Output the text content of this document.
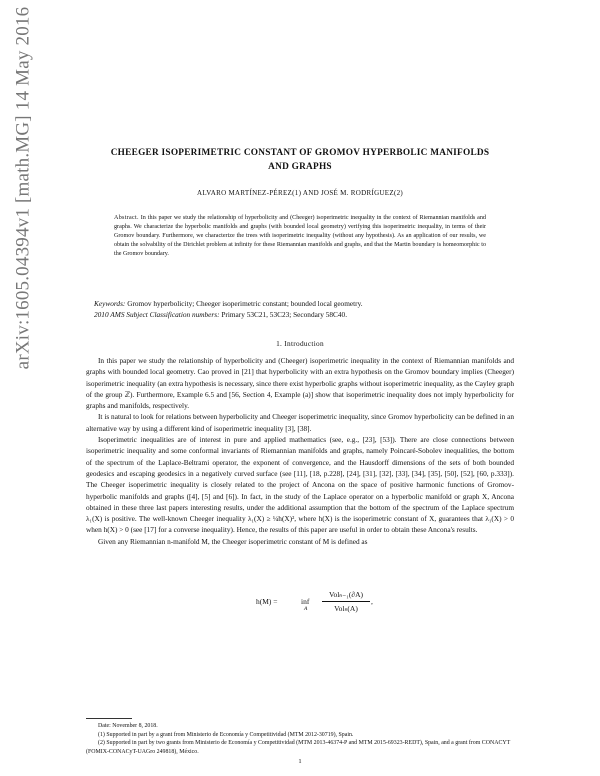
arXiv:1605.04394v1 [math.MG] 14 May 2016	CHEEGER ISOPERIMETRIC CONSTANT OF GROMOV HYPERBOLIC MANIFOLDS
AND GRAPHS
ALVARO MARTÍNEZ-PÉREZ(1) AND JOSÉ M. RODRÍGUEZ(2)
Abstract. In this paper we study the relationship of hyperbolicity and (Cheeger) isoperimetric inequality in the context of Riemannian manifolds and graphs. We characterize the hyperbolic manifolds and graphs (with bounded local geometry) verifying this isoperimetric inequality, in terms of their Gromov boundary. Furthermore, we characterize the trees with isoperimetric inequality (without any hypothesis). As an application of our results, we obtain the solvability of the Dirichlet problem at infinity for these Riemannian manifolds and graphs, and that the Martin boundary is homeomorphic to the Gromov boundary.
Keywords: Gromov hyperbolicity; Cheeger isoperimetric constant; bounded local geometry.
2010 AMS Subject Classification numbers: Primary 53C21, 53C23; Secondary 58C40.
1. Introduction

In this paper we study the relationship of hyperbolicity and (Cheeger) isoperimetric inequality in the context of Riemannian manifolds and graphs with bounded local geometry. Cao proved in [21] that hyperbolicity with an extra hypothesis on the Gromov boundary implies (Cheeger) isoperimetric inequality (an extra hypothesis is necessary, since there exist hyperbolic graphs without isoperimetric inequality, as the Cayley graph of the group ℤ). Furthermore, Example 6.5 and [56, Section 4, Example (a)] show that isoperimetric inequality does not imply hyperbolicity for graphs and manifolds, respectively.

It is natural to look for relations between hyperbolicity and Cheeger isoperimetric inequality, since Gromov hyperbolicity can be defined in an alternative way by using a different kind of isoperimetric inequality [3], [38].

Isoperimetric inequalities are of interest in pure and applied mathematics (see, e.g., [23], [53]). There are close connections between isoperimetric inequality and some conformal invariants of Riemannian manifolds and graphs, namely Poincaré-Sobolev inequalities, the bottom of the spectrum of the Laplace-Beltrami operator, the exponent of convergence, and the Hausdorff dimensions of the sets of both bounded geodesics and escaping geodesics in a negatively curved surface (see [11], [18, p.228], [24], [31], [32], [33], [34], [35], [50], [52], [60, p.333]). The Cheeger isoperimetric inequality is closely related to the project of Ancona on the space of positive harmonic functions of Gromov-hyperbolic manifolds and graphs ([4], [5] and [6]). In fact, in the study of the Laplace operator on a hyperbolic manifold or graph X, Ancona obtained in these three last papers interesting results, under the additional assumption that the bottom of the spectrum of the Laplace spectrum λ₁(X) is positive. The well-known Cheeger inequality λ₁(X) ≥ ¼h(X)², where h(X) is the isoperimetric constant of X, guarantees that λ₁(X) > 0 when h(X) > 0 (see [17] for a converse inequality). Hence, the results of this paper are useful in order to obtain these Ancona's results.

Given any Riemannian n-manifold M, the Cheeger isoperimetric constant of M is defined as

h(M) =	inf
A
Volₙ₋₁(∂A)
Volₙ(A)
,

Date: November 8, 2018.

(1) Supported in part by a grant from Ministerio de Economía y Competitividad (MTM 2012-30719), Spain.

(2) Supported in part by two grants from Ministerio de Economía y Competitividad (MTM 2013-46374-P and MTM 2015-69323-REDT), Spain, and a grant from CONACYT (FOMIX-CONACyT-UAGro 249818), México.

1
